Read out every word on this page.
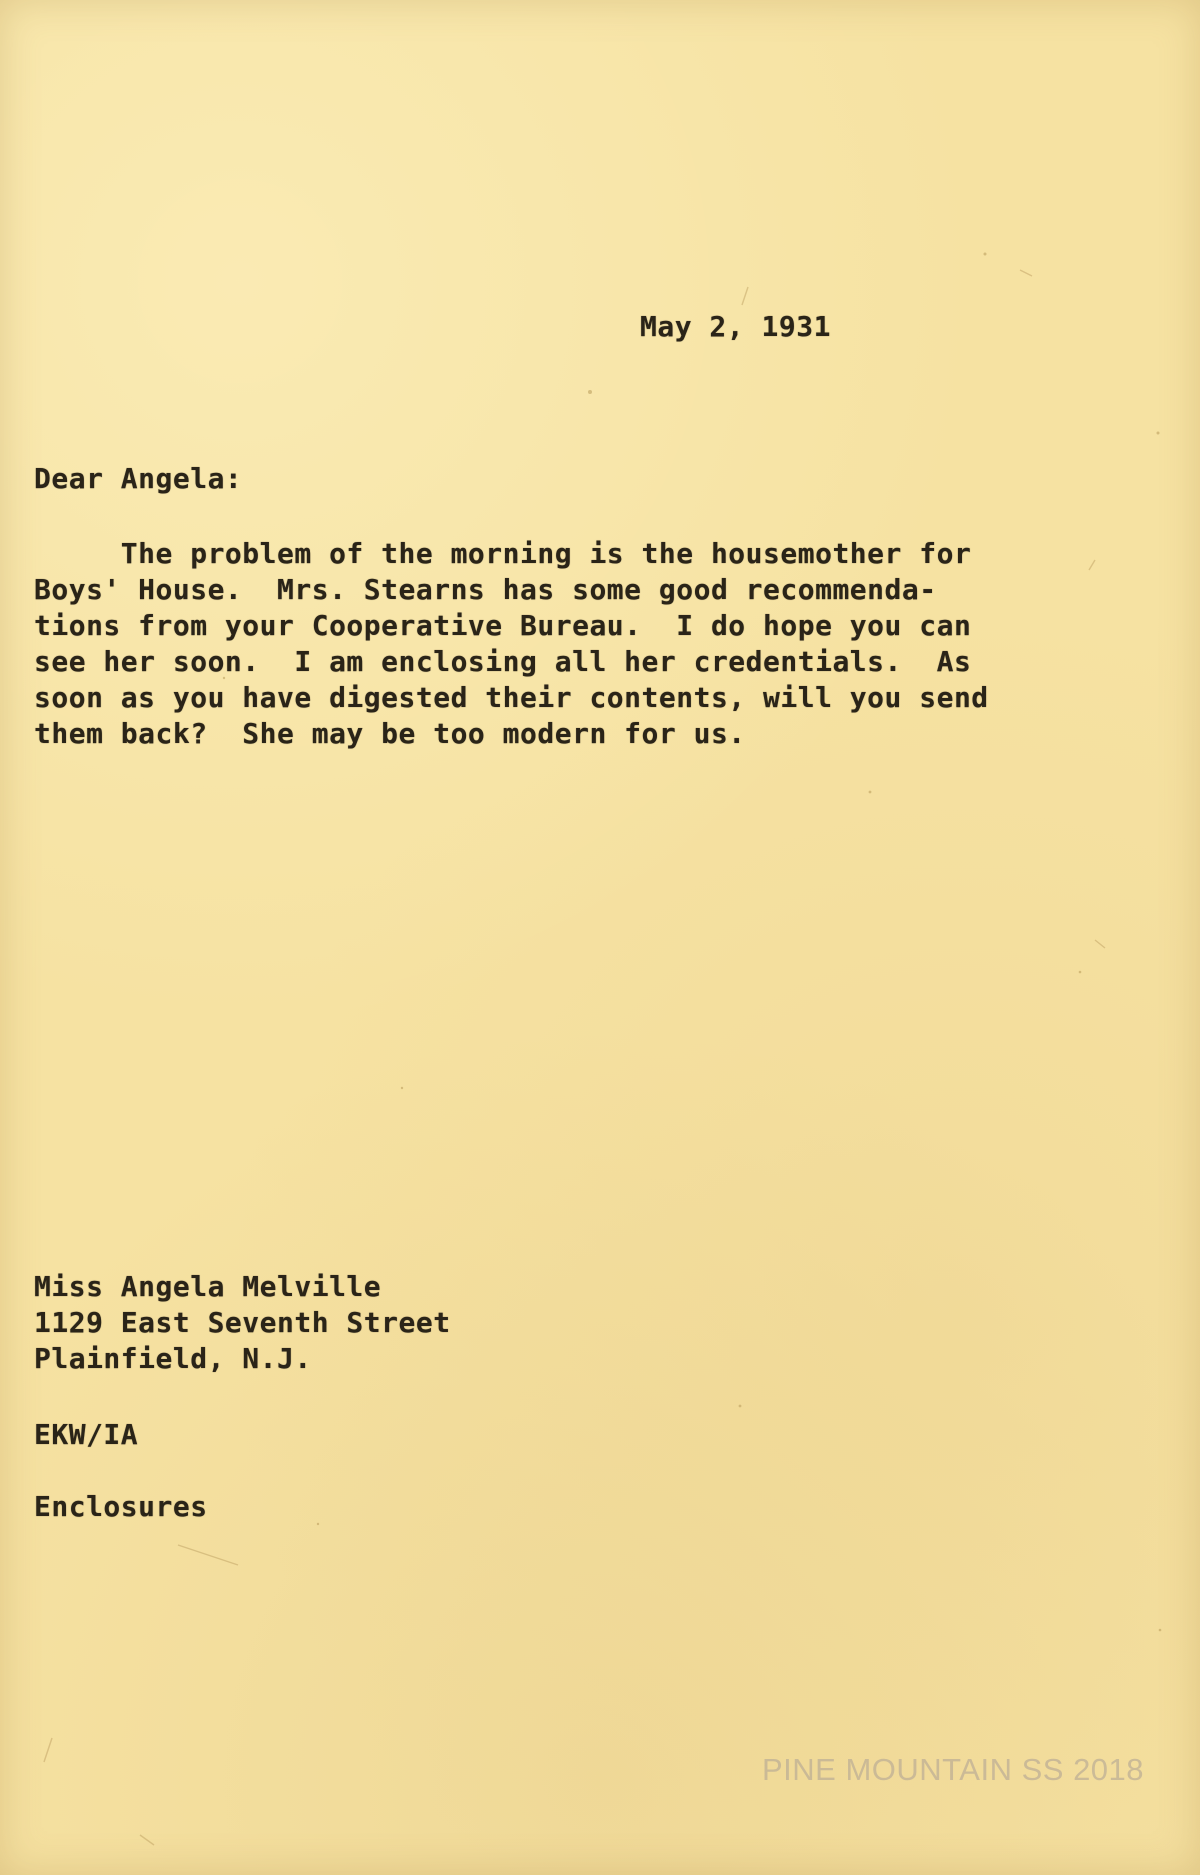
May 2, 1931
Dear Angela:
The problem of the morning is the housemother for
Boys' House.  Mrs. Stearns has some good recommenda-
tions from your Cooperative Bureau.  I do hope you can
see her soon.  I am enclosing all her credentials.  As
soon as you have digested their contents, will you send
them back?  She may be too modern for us.
Miss Angela Melville
1129 East Seventh Street
Plainfield, N.J.
EKW/IA
Enclosures
PINE MOUNTAIN SS 2018
